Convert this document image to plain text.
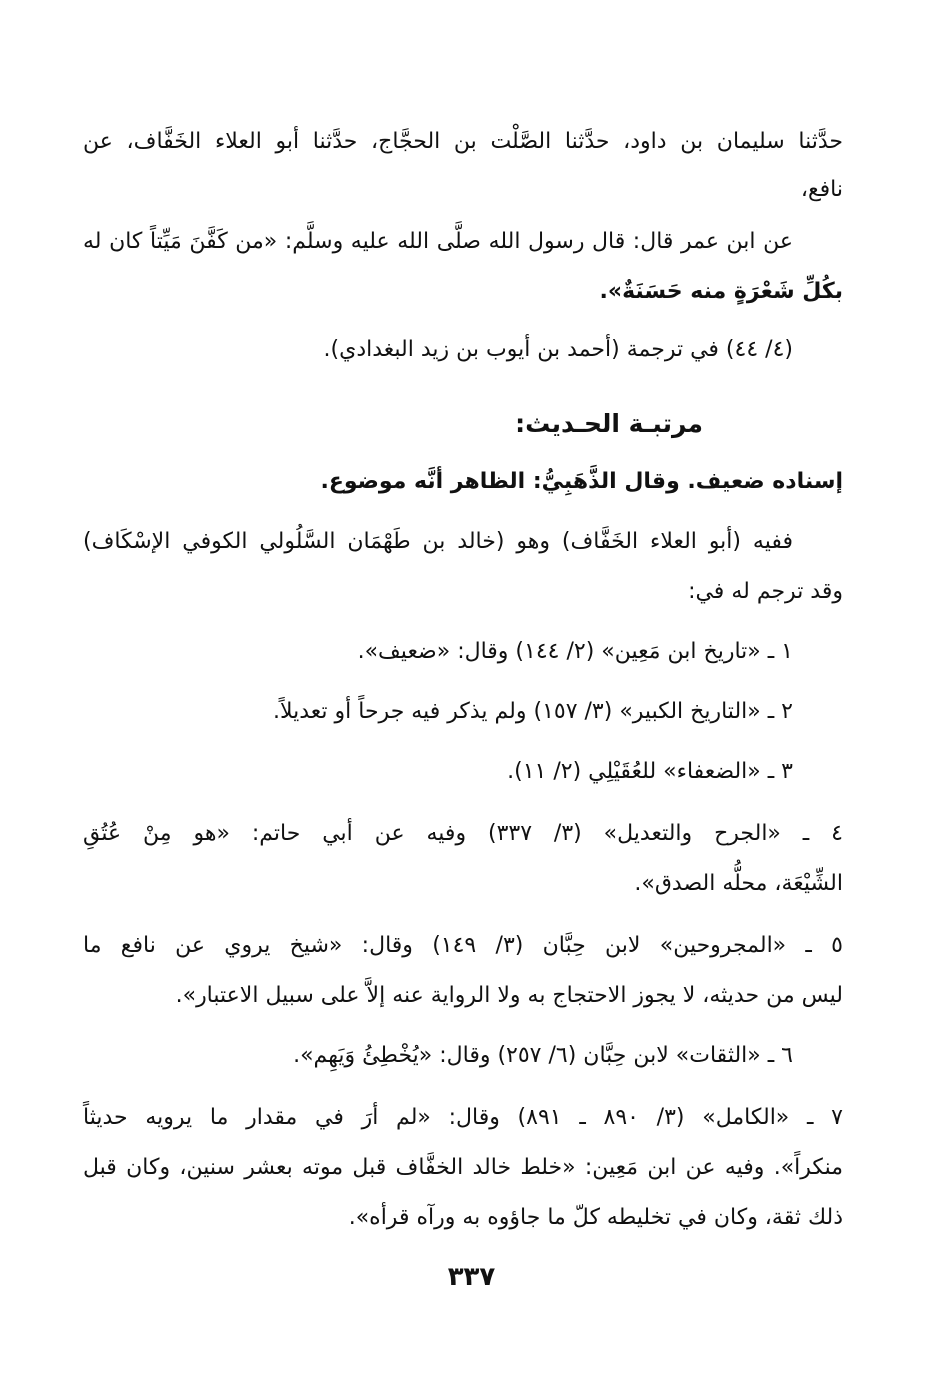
حدَّثنا سليمان بن داود، حدَّثنا الصَّلْت بن الحجَّاج، حدَّثنا أبو العلاء الخَفَّاف، عن
نافع،
عن ابن عمر قال: قال رسول الله صلَّى الله عليه وسلَّم: «من كَفَّنَ مَيِّتاً كان له
بكُلِّ شَعْرَةٍ منه حَسَنَةٌ».
(٤/ ٤٤) في ترجمة (أحمد بن أيوب بن زيد البغدادي).
مرتبـة الحـديث:
إسناده ضعيف. وقال الذَّهَبِيُّ: الظاهر أنَّه موضوع.
ففيه (أبو العلاء الخَفَّاف) وهو (خالد بن طَهْمَان السَّلُولي الكوفي الإسْكَاف)
وقد ترجم له في:
١ ـ «تاريخ ابن مَعِين» (٢/ ١٤٤) وقال: «ضعيف».
٢ ـ «التاريخ الكبير» (٣/ ١٥٧) ولم يذكر فيه جرحاً أو تعديلاً.
٣ ـ «الضعفاء» للعُقَيْلِي (٢/ ١١).
٤ ـ «الجرح والتعديل» (٣/ ٣٣٧) وفيه عن أبي حاتم: «هو مِنْ عُتُقِ
الشِّيْعَة، محلُّه الصدق».
٥ ـ «المجروحين» لابن حِبَّان (٣/ ١٤٩) وقال: «شيخ يروي عن نافع ما
ليس من حديثه، لا يجوز الاحتجاج به ولا الرواية عنه إلاَّ على سبيل الاعتبار».
٦ ـ «الثقات» لابن حِبَّان (٦/ ٢٥٧) وقال: «يُخْطِئُ وَيَهِم».
٧ ـ «الكامل» (٣/ ٨٩٠ ـ ٨٩١) وقال: «لم أرَ في مقدار ما يرويه حديثاً
منكراً». وفيه عن ابن مَعِين: «خلط خالد الخفَّاف قبل موته بعشر سنين، وكان قبل
ذلك ثقة، وكان في تخليطه كلّ ما جاؤوه به ورآه قرأه».
٣٣٧
